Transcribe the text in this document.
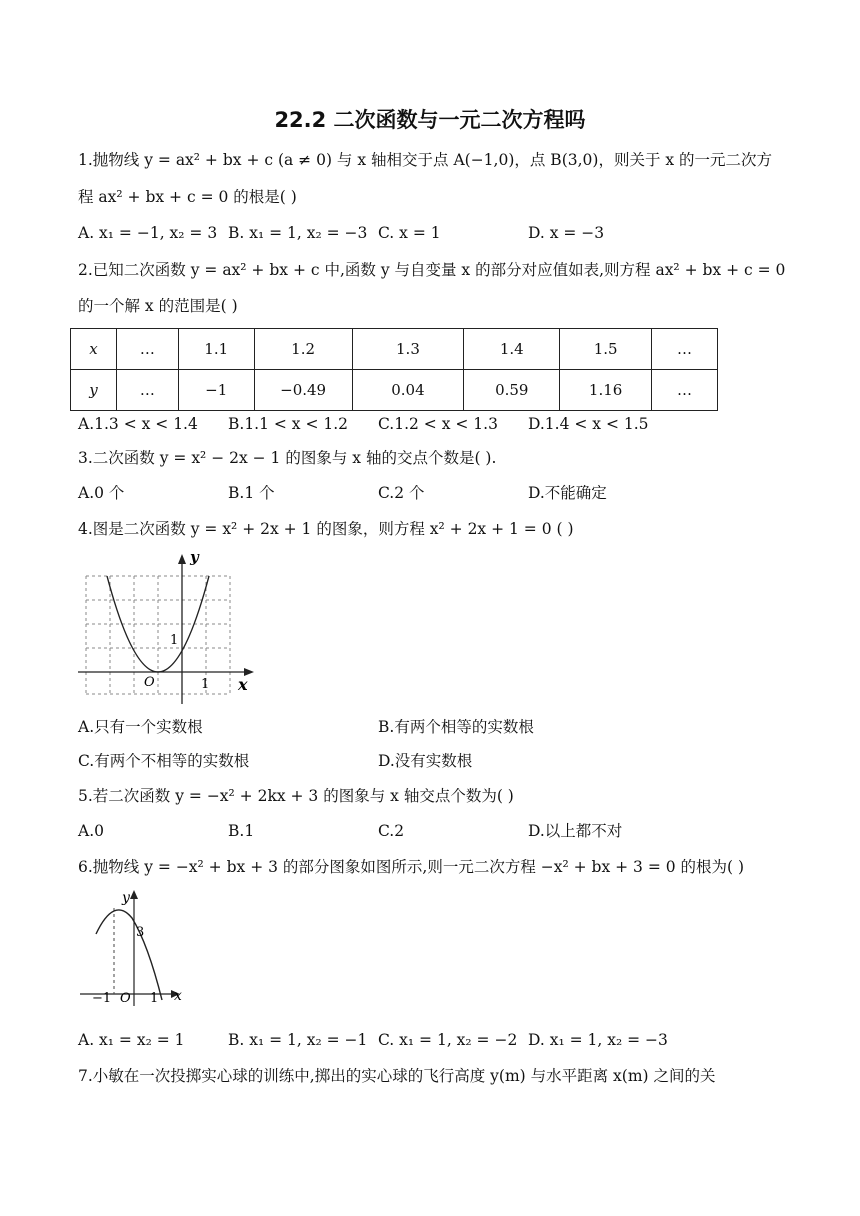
22.2 二次函数与一元二次方程吗
1.抛物线 y = ax² + bx + c (a ≠ 0) 与 x 轴相交于点 A(−1,0)，点 B(3,0)，则关于 x 的一元二次方
程 ax² + bx + c = 0 的根是( )
A. x₁ = −1, x₂ = 3 B. x₁ = 1, x₂ = −3 C. x = 1	D. x = −3
2.已知二次函数 y = ax² + bx + c 中,函数 y 与自变量 x 的部分对应值如表,则方程 ax² + bx + c = 0
的一个解 x 的范围是( )
x	…	1.1	1.2	1.3	1.4	1.5	…
y	…	−1	−0.49	0.04	0.59	1.16	…
A.1.3 < x < 1.4 B.1.1 < x < 1.2 C.1.2 < x < 1.3 D.1.4 < x < 1.5
3.二次函数 y = x² − 2x − 1 的图象与 x 轴的交点个数是( ).
A.0 个	B.1 个	C.2 个	D.不能确定
4.图是二次函数 y = x² + 2x + 1 的图象，则方程 x² + 2x + 1 = 0 ( )
y
x
O
1
1
A.只有一个实数根	B.有两个相等的实数根
C.有两个不相等的实数根	D.没有实数根
5.若二次函数 y = −x² + 2kx + 3 的图象与 x 轴交点个数为( )
A.0	B.1	C.2	D.以上都不对
6.抛物线 y = −x² + bx + 3 的部分图象如图所示,则一元二次方程 −x² + bx + 3 = 0 的根为( )
y
x
O
3
−1	1
A. x₁ = x₂ = 1	B. x₁ = 1, x₂ = −1 C. x₁ = 1, x₂ = −2 D. x₁ = 1, x₂ = −3
7.小敏在一次投掷实心球的训练中,掷出的实心球的飞行高度 y(m) 与水平距离 x(m) 之间的关
